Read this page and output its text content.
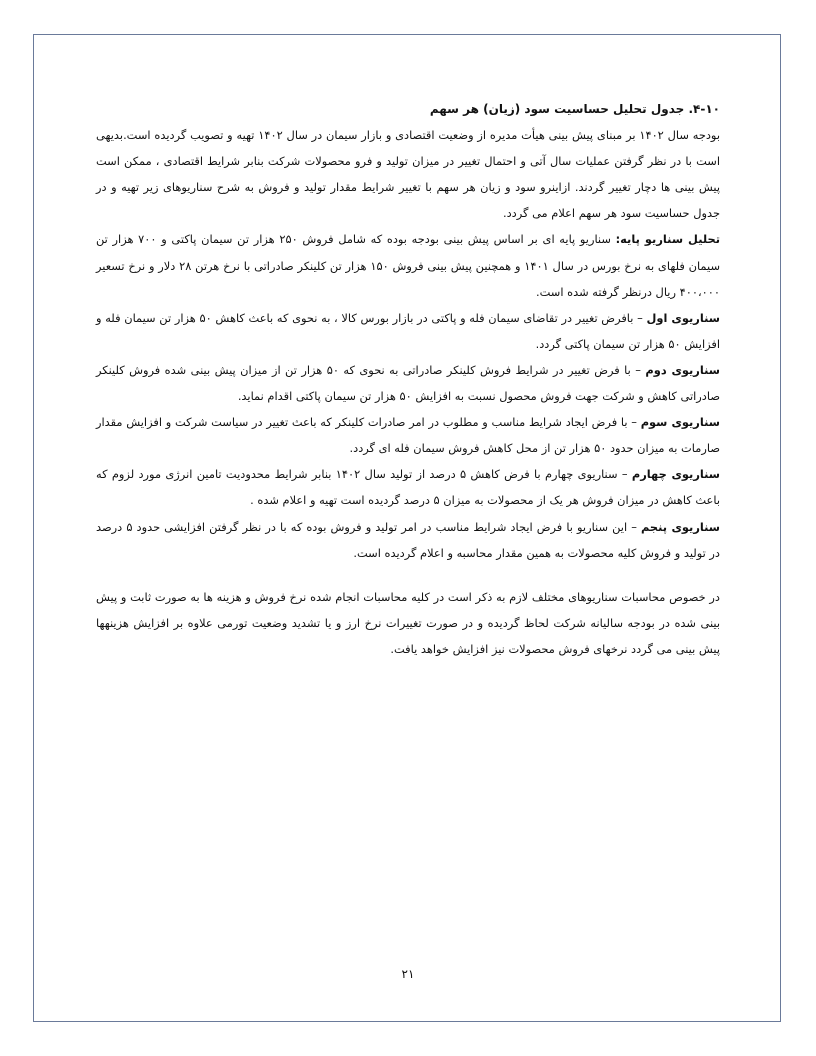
۴-۱۰. جدول تحلیل حساسیت سود (زیان) هر سهم

بودجه سال ۱۴۰۲ بر مبنای پیش بینی هیأت مدیره از وضعیت اقتصادی و بازار سیمان در سال ۱۴۰۲ تهیه و تصویب گردیده است.بدیهی است با در نظر گرفتن عملیات سال آتی و احتمال تغییر در میزان تولید و فرو محصولات شرکت بنابر شرایط اقتصادی ، ممکن است پیش بینی ها دچار تغییر گردند. ازاینرو سود و زیان هر سهم با تغییر شرایط مقدار تولید و فروش به شرح سناریوهای زیر تهیه و در جدول حساسیت سود هر سهم اعلام می گردد.

تحلیل سناریو پایه: سناریو پایه ای بر اساس پیش بینی بودجه بوده که شامل فروش ۲۵۰ هزار تن سیمان پاکتی و ۷۰۰ هزار تن سیمان فلهای به نرخ بورس در سال ۱۴۰۱ و همچنین پیش بینی فروش ۱۵۰ هزار تن کلینکر صادراتی با نرخ هرتن ۲۸ دلار و نرخ تسعیر ۴۰۰،۰۰۰ ریال درنظر گرفته شده است.

سناریوی اول – بافرض تغییر در تقاضای سیمان فله و پاکتی در بازار بورس کالا ، به نحوی که باعث کاهش ۵۰ هزار تن سیمان فله و افزایش ۵۰ هزار تن سیمان پاکتی گردد.

سناریوی دوم – با فرض تغییر در شرایط فروش کلینکر صادراتی به نحوی که ۵۰ هزار تن از میزان پیش بینی شده فروش کلینکر صادراتی کاهش و شرکت جهت فروش محصول نسبت به افزایش ۵۰ هزار تن سیمان پاکتی اقدام نماید.

سناریوی سوم – با فرض ایجاد شرایط مناسب و مطلوب در امر صادرات کلینکر که باعث تغییر در سیاست شرکت و افزایش مقدار صارمات به میزان حدود ۵۰ هزار تن از محل کاهش فروش سیمان فله ای گردد.

سناریوی چهارم – سناریوی چهارم با فرض کاهش ۵ درصد از تولید سال ۱۴۰۲ بنابر شرایط محدودیت تامین انرژی مورد لزوم که باعث کاهش در میزان فروش هر یک از محصولات به میزان ۵ درصد گردیده است تهیه و اعلام شده .

سناریوی پنجم – این سناریو با فرض ایجاد شرایط مناسب در امر تولید و فروش بوده که با در نظر گرفتن افزایشی حدود ۵ درصد در تولید و فروش کلیه محصولات به همین مقدار محاسبه و اعلام گردیده است.

در خصوص محاسبات سناریوهای مختلف لازم به ذکر است در کلیه محاسبات انجام شده نرخ فروش و هزینه ها به صورت ثابت و پیش بینی شده در بودجه سالیانه شرکت لحاظ گردیده و در صورت تغییرات نرخ ارز و یا تشدید وضعیت تورمی علاوه بر افزایش هزینهها پیش بینی می گردد نرخهای فروش محصولات نیز افزایش خواهد یافت.

۲۱
